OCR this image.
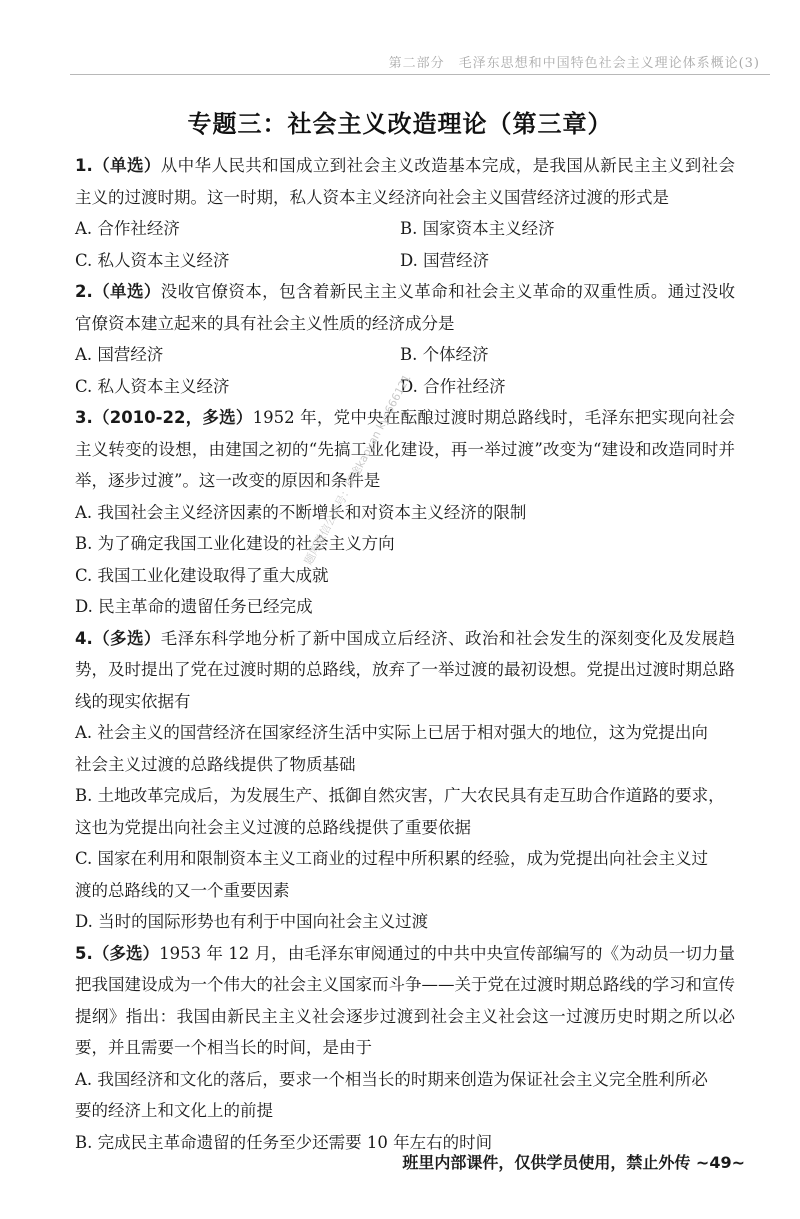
第二部分　毛泽东思想和中国特色社会主义理论体系概论(3)
专题三：社会主义改造理论（第三章）

1.（单选）从中华人民共和国成立到社会主义改造基本完成，是我国从新民主主义到社会主义的过渡时期。这一时期，私人资本主义经济向社会主义国营经济过渡的形式是

A. 合作社经济	B. 国家资本主义经济
C. 私人资本主义经济	D. 国营经济

2.（单选）没收官僚资本，包含着新民主主义革命和社会主义革命的双重性质。通过没收官僚资本建立起来的具有社会主义性质的经济成分是

A. 国营经济	B. 个体经济
C. 私人资本主义经济	D. 合作社经济

3.（2010-22，多选）1952 年，党中央在酝酿过渡时期总路线时，毛泽东把实现向社会主义转变的设想，由建国之初的“先搞工业化建设，再一举过渡”改变为“建设和改造同时并举，逐步过渡”。这一改变的原因和条件是

A. 我国社会主义经济因素的不断增长和对资本主义经济的限制

B. 为了确定我国工业化建设的社会主义方向

C. 我国工业化建设取得了重大成就

D. 民主革命的遗留任务已经完成

4.（多选）毛泽东科学地分析了新中国成立后经济、政治和社会发生的深刻变化及发展趋势，及时提出了党在过渡时期的总路线，放弃了一举过渡的最初设想。党提出过渡时期总路线的现实依据有

A. 社会主义的国营经济在国家经济生活中实际上已居于相对强大的地位，这为党提出向

社会主义过渡的总路线提供了物质基础

B. 土地改革完成后，为发展生产、抵御自然灾害，广大农民具有走互助合作道路的要求，

这也为党提出向社会主义过渡的总路线提供了重要依据

C. 国家在利用和限制资本主义工商业的过程中所积累的经验，成为党提出向社会主义过

渡的总路线的又一个重要因素

D. 当时的国际形势也有利于中国向社会主义过渡

5.（多选）1953 年 12 月，由毛泽东审阅通过的中共中央宣传部编写的《为动员一切力量把我国建设成为一个伟大的社会主义国家而斗争——关于党在过渡时期总路线的学习和宣传提纲》指出：我国由新民主主义社会逐步过渡到社会主义社会这一过渡历史时期之所以必要，并且需要一个相当长的时间，是由于

A. 我国经济和文化的落后，要求一个相当长的时期来创造为保证社会主义完全胜利所必

要的经济上和文化上的前提

B. 完成民主革命遗留的任务至少还需要 10 年左右的时间

题库微信公众号：研途kaoyan kys666121
班里内部课件，仅供学员使用，禁止外传 ~49~
